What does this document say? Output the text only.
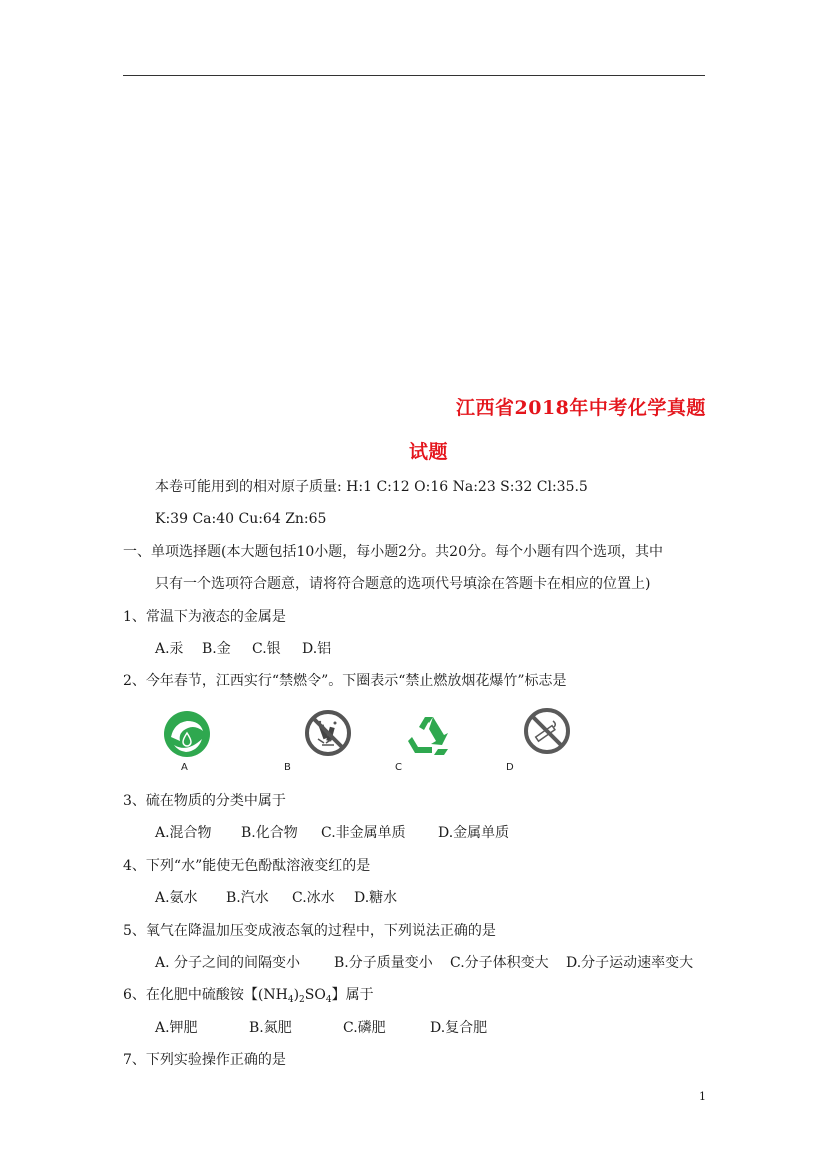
江西省2018年中考化学真题
试题
本卷可能用到的相对原子质量: H:1 C:12 O:16 Na:23 S:32 Cl:35.5
K:39 Ca:40 Cu:64 Zn:65
一、单项选择题(本大题包括10小题，每小题2分。共20分。每个小题有四个选项，其中
只有一个选项符合题意，请将符合题意的选项代号填涂在答题卡在相应的位置上)
1、常温下为液态的金属是
A.汞 B.金 C.银 D.铝
2、今年春节，江西实行“禁燃令”。下圈表示“禁止燃放烟花爆竹”标志是
A	B	C	D
3、硫在物质的分类中属于
A.混合物 B.化合物 C.非金属单质 D.金属单质
4、下列“水”能使无色酚酞溶液变红的是
A.氨水 B.汽水 C.冰水 D.糖水
5、氧气在降温加压变成液态氧的过程中，下列说法正确的是
A. 分子之间的间隔变小 B.分子质量变小 C.分子体积变大 D.分子运动速率变大
6、在化肥中硫酸铵【$(NH_4)_2SO_4$】属于
A.钾肥	B.氮肥	C.磷肥	D.复合肥
7、下列实验操作正确的是
1
